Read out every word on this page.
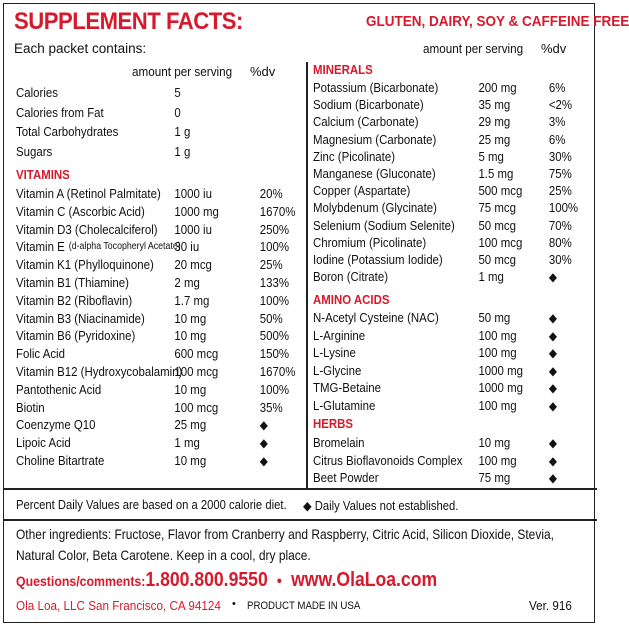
SUPPLEMENT FACTS:	GLUTEN, DAIRY, SOY & CAFFEINE FREE
Each packet contains:
amount per serving %dv
amount per serving %dv
Calories	5
Calories from Fat	0
Total Carbohydrates	1 g
Sugars	1 g
VITAMINS
Vitamin A (Retinol Palmitate) 1000 iu	20%
Vitamin C (Ascorbic Acid) 1000 mg	1670%
Vitamin D3 (Cholecalciferol) 1000 iu	250%
Vitamin E (d-alpha Tocopheryl Acetate)
30 iu	100%
Vitamin K1 (Phylloquinone) 20 mcg	25%
Vitamin B1 (Thiamine)	2 mg	133%
Vitamin B2 (Riboflavin)	1.7 mg	100%
Vitamin B3 (Niacinamide) 10 mg	50%
Vitamin B6 (Pyridoxine)	10 mg	500%
Folic Acid	600 mcg	150%
Vitamin B12 (Hydroxycobalamin)
100 mcg	1670%
Pantothenic Acid	10 mg	100%
Biotin	100 mcg	35%
Coenzyme Q10	25 mg	◆
Lipoic Acid	1 mg	◆
Choline Bitartrate	10 mg	◆
MINERALS
Potassium (Bicarbonate)	200 mg 6%
Sodium (Bicarbonate)	35 mg	<2%
Calcium (Carbonate)	29 mg	3%
Magnesium (Carbonate)	25 mg	6%
Zinc (Picolinate)	5 mg	30%
Manganese (Gluconate)	1.5 mg	75%
Copper (Aspartate)	500 mcg 25%
Molybdenum (Glycinate)	75 mcg	100%
Selenium (Sodium Selenite) 50 mcg	70%
Chromium (Picolinate)	100 mcg 80%
Iodine (Potassium Iodide)	50 mcg	30%
Boron (Citrate)	1 mg	◆
AMINO ACIDS
N-Acetyl Cysteine (NAC)	50 mg	◆
L-Arginine	100 mg	◆
L-Lysine	100 mg	◆
L-Glycine	1000 mg ◆
TMG-Betaine	1000 mg ◆
L-Glutamine	100 mg	◆
HERBS
Bromelain	10 mg	◆
Citrus Bioflavonoids Complex 100 mg	◆
Beet Powder	75 mg	◆
Percent Daily Values are based on a 2000 calorie diet. ◆ Daily Values not established.
Other ingredients: Fructose, Flavor from Cranberry and Raspberry, Citric Acid, Silicon Dioxide, Stevia,
Natural Color, Beta Carotene. Keep in a cool, dry place.
Questions/comments:1.800.800.9550 • www.OlaLoa.com
Ola Loa, LLC San Francisco, CA 94124 • PRODUCT MADE IN USA	Ver. 916
